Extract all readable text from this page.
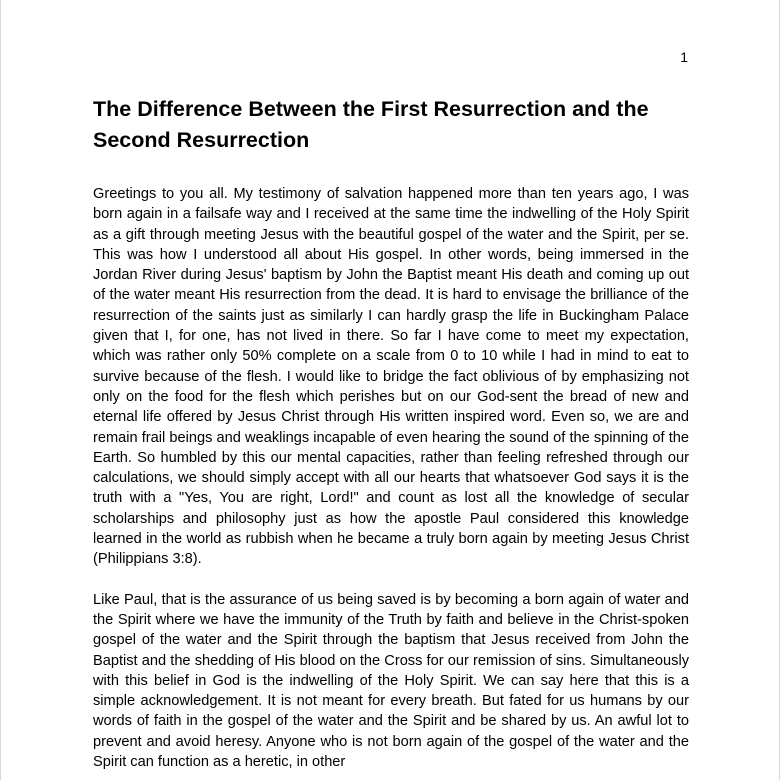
1
The Difference Between the First Resurrection and the Second Resurrection

Greetings to you all. My testimony of salvation happened more than ten years ago, I was born again in a failsafe way and I received at the same time the indwelling of the Holy Spirit as a gift through meeting Jesus with the beautiful gospel of the water and the Spirit, per se. This was how I understood all about His gospel. In other words, being immersed in the Jordan River during Jesus' baptism by John the Baptist meant His death and coming up out of the water meant His resurrection from the dead. It is hard to envisage the brilliance of the resurrection of the saints just as similarly I can hardly grasp the life in Buckingham Palace given that I, for one, has not lived in there. So far I have come to meet my expectation, which was rather only 50% complete on a scale from 0 to 10 while I had in mind to eat to survive because of the flesh. I would like to bridge the fact oblivious of by emphasizing not only on the food for the flesh which perishes but on our God-sent the bread of new and eternal life offered by Jesus Christ through His written inspired word. Even so, we are and remain frail beings and weaklings incapable of even hearing the sound of the spinning of the Earth. So humbled by this our mental capacities, rather than feeling refreshed through our calculations, we should simply accept with all our hearts that whatsoever God says it is the truth with a "Yes, You are right, Lord!" and count as lost all the knowledge of secular scholarships and philosophy just as how the apostle Paul considered this knowledge learned in the world as rubbish when he became a truly born again by meeting Jesus Christ (Philippians 3:8).

Like Paul, that is the assurance of us being saved is by becoming a born again of water and the Spirit where we have the immunity of the Truth by faith and believe in the Christ-spoken gospel of the water and the Spirit through the baptism that Jesus received from John the Baptist and the shedding of His blood on the Cross for our remission of sins. Simultaneously with this belief in God is the indwelling of the Holy Spirit. We can say here that this is a simple acknowledgement. It is not meant for every breath. But fated for us humans by our words of faith in the gospel of the water and the Spirit and be shared by us. An awful lot to prevent and avoid heresy. Anyone who is not born again of the gospel of the water and the Spirit can function as a heretic, in other
